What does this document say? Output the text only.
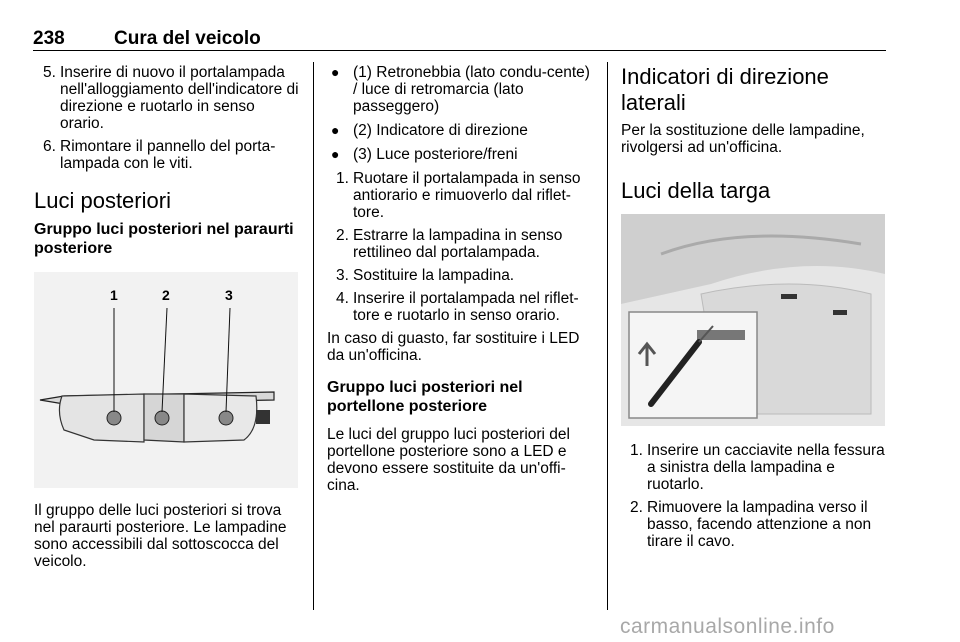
238	Cura del veicolo
5. Inserire di nuovo il portalampada nell'alloggiamento dell'indicatore di direzione e ruotarlo in senso orario.
6. Rimontare il pannello del porta-lampada con le viti.
Luci posteriori
Gruppo luci posteriori nel paraurti posteriore
1	2	3

Il gruppo delle luci posteriori si trova nel paraurti posteriore. Le lampadine sono accessibili dal sottoscocca del veicolo.

● (1) Retronebbia (lato condu-cente) / luce di retromarcia (lato passeggero)
● (2) Indicatore di direzione
● (3) Luce posteriore/freni
1. Ruotare il portalampada in senso antiorario e rimuoverlo dal riflet-tore.
2. Estrarre la lampadina in senso rettilineo dal portalampada.
3. Sostituire la lampadina.
4. Inserire il portalampada nel riflet-tore e ruotarlo in senso orario.

In caso di guasto, far sostituire i LED da un'officina.

Gruppo luci posteriori nel portellone posteriore

Le luci del gruppo luci posteriori del portellone posteriore sono a LED e devono essere sostituite da un'offi-cina.

Indicatori di direzione laterali

Per la sostituzione delle lampadine, rivolgersi ad un'officina.

Luci della targa
1. Inserire un cacciavite nella fessura a sinistra della lampadina e ruotarlo.
2. Rimuovere la lampadina verso il basso, facendo attenzione a non tirare il cavo.
carmanualsonline.info
